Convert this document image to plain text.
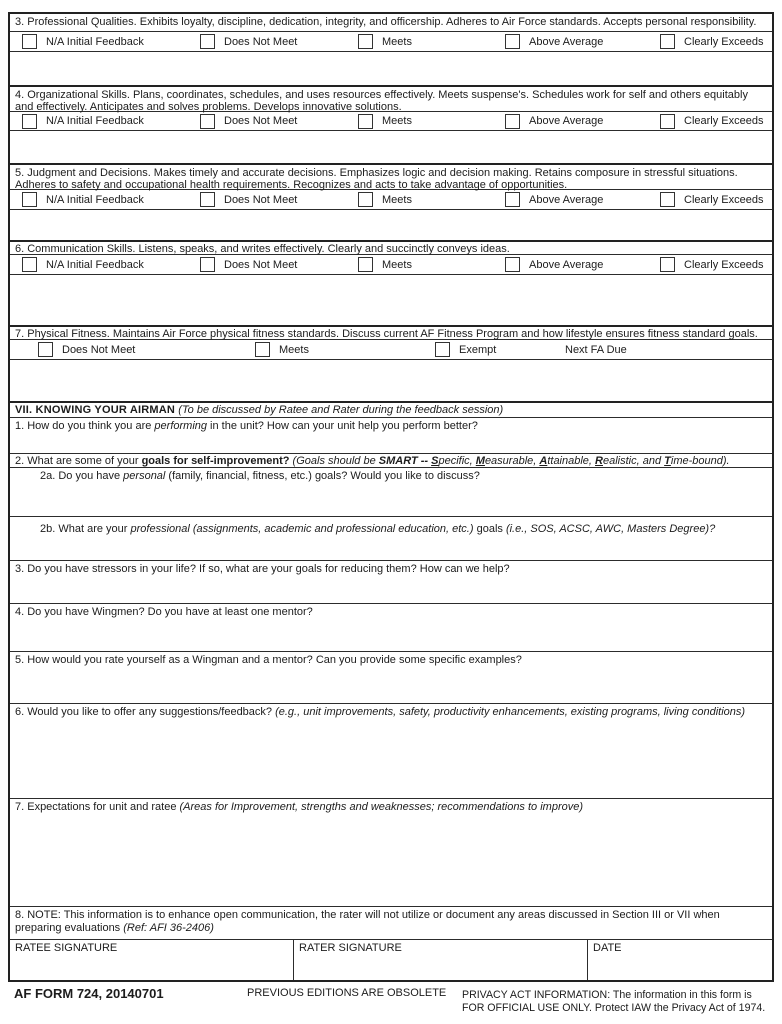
3. Professional Qualities. Exhibits loyalty, discipline, dedication, integrity, and officership. Adheres to Air Force standards. Accepts personal responsibility.
N/A Initial Feedback	Does Not Meet	Meets	Above Average	Clearly Exceeds
4. Organizational Skills. Plans, coordinates, schedules, and uses resources effectively. Meets suspense's. Schedules work for self and others equitably and effectively. Anticipates and solves problems. Develops innovative solutions.
N/A Initial Feedback	Does Not Meet	Meets	Above Average	Clearly Exceeds
5. Judgment and Decisions. Makes timely and accurate decisions. Emphasizes logic and decision making. Retains composure in stressful situations. Adheres to safety and occupational health requirements. Recognizes and acts to take advantage of opportunities.
N/A Initial Feedback	Does Not Meet	Meets	Above Average	Clearly Exceeds
6. Communication Skills. Listens, speaks, and writes effectively. Clearly and succinctly conveys ideas.
N/A Initial Feedback	Does Not Meet	Meets	Above Average	Clearly Exceeds
7. Physical Fitness. Maintains Air Force physical fitness standards. Discuss current AF Fitness Program and how lifestyle ensures fitness standard goals.
Does Not Meet	Meets	Exempt	Next FA Due
VII. KNOWING YOUR AIRMAN (To be discussed by Ratee and Rater during the feedback session)
1. How do you think you are performing in the unit? How can your unit help you perform better?
2. What are some of your goals for self-improvement? (Goals should be SMART -- Specific, Measurable, Attainable, Realistic, and Time-bound).
2a. Do you have personal (family, financial, fitness, etc.) goals? Would you like to discuss?
2b. What are your professional (assignments, academic and professional education, etc.) goals (i.e., SOS, ACSC, AWC, Masters Degree)?
3. Do you have stressors in your life? If so, what are your goals for reducing them? How can we help?
4. Do you have Wingmen? Do you have at least one mentor?
5. How would you rate yourself as a Wingman and a mentor? Can you provide some specific examples?
6. Would you like to offer any suggestions/feedback? (e.g., unit improvements, safety, productivity enhancements, existing programs, living conditions)
7. Expectations for unit and ratee (Areas for Improvement, strengths and weaknesses; recommendations to improve)
8. NOTE: This information is to enhance open communication, the rater will not utilize or document any areas discussed in Section III or VII when preparing evaluations (Ref: AFI 36-2406)
RATEE SIGNATURE	RATER SIGNATURE	DATE
AF FORM 724, 20140701	PREVIOUS EDITIONS ARE OBSOLETE PRIVACY ACT INFORMATION: The information in this form is
FOR OFFICIAL USE ONLY. Protect IAW the Privacy Act of 1974.
